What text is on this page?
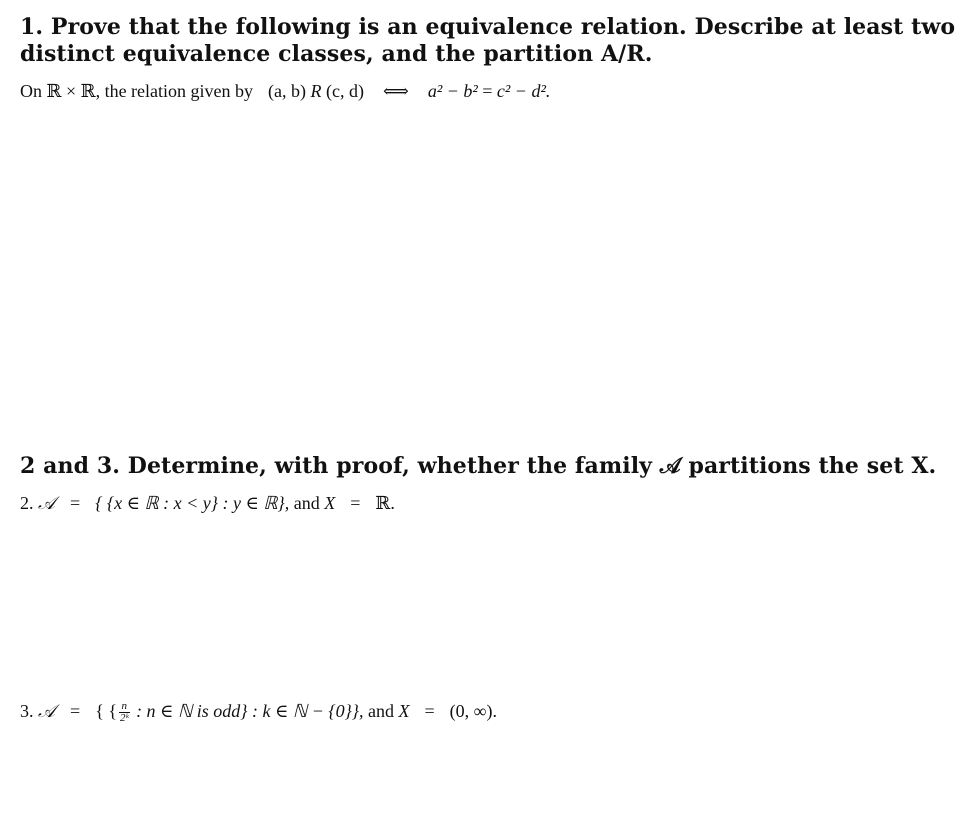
1. Prove that the following is an equivalence relation. Describe at least two
distinct equivalence classes, and the partition A/R.
On ℝ × ℝ, the relation given by (a, b) R (c, d) ⟺ a² − b² = c² − d².
2 and 3. Determine, with proof, whether the family 𝒜 partitions the set X.
2. 𝒜 = { {x ∈ ℝ : x < y} : y ∈ ℝ}, and X = ℝ.
3. 𝒜 = { { $\frac{n}{\text{2ᵏ}}$ : n ∈ ℕ is odd} : k ∈ ℕ − {0}}, and X = (0, ∞).
